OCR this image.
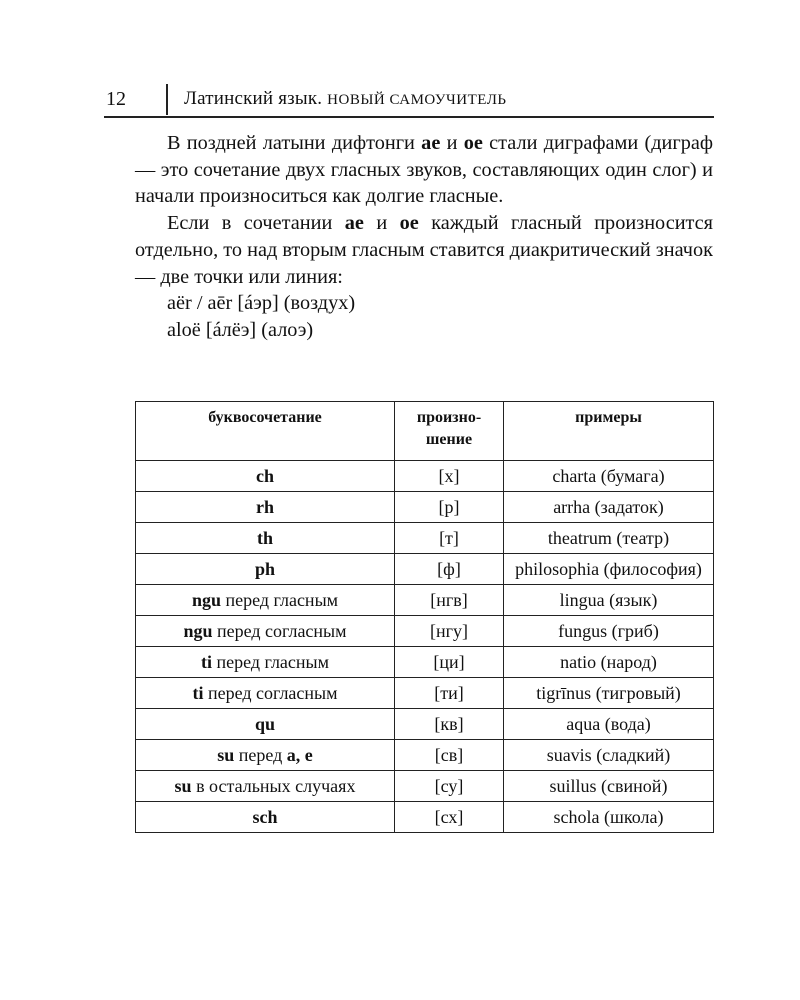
12	Латинский язык. НОВЫЙ САМОУЧИТЕЛЬ

В поздней латыни дифтонги ae и oe стали диграфами (диграф — это сочетание двух гласных звуков, составляющих один слог) и начали произноситься как долгие гласные.

Если в сочетании ae и oe каждый гласный произносится отдельно, то над вторым гласным ставится диакритический значок — две точки или линия:

aёr / aēr [áэр] (воздух)

aloё [áлёэ] (алоэ)

буквосочетание	произно-шение	примеры
ch	[х]	charta (бумага)
rh	[р]	arrha (задаток)
th	[т]	theatrum (театр)
ph	[ф]	philosophia (философия)
ngu перед гласным	[нгв]	lingua (язык)
ngu перед согласным	[нгу]	fungus (гриб)
ti перед гласным	[ци]	natio (народ)
ti перед согласным	[ти]	tigrīnus (тигровый)
qu	[кв]	aqua (вода)
su перед a, e	[св]	suavis (сладкий)
su в остальных случаях	[су]	suillus (свиной)
sch	[сх]	schola (школа)
